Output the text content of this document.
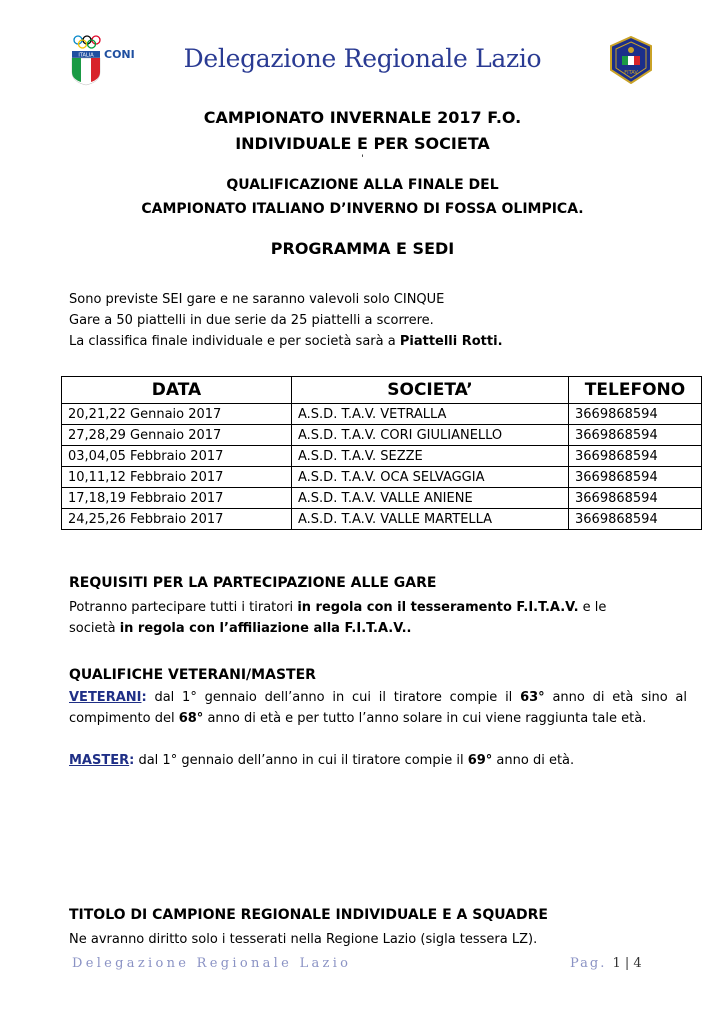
ITALIA CONI	Delegazione Regionale Lazio	FITAV
CAMPIONATO INVERNALE 2017 F.O.
INDIVIDUALE E PER SOCIETA
'
QUALIFICAZIONE ALLA FINALE DEL
CAMPIONATO ITALIANO D’INVERNO DI FOSSA OLIMPICA.
PROGRAMMA E SEDI
Sono previste SEI gare e ne saranno valevoli solo CINQUE
Gare a 50 piattelli in due serie da 25 piattelli a scorrere.
La classifica finale individuale e per società sarà a Piattelli Rotti.
DATA	SOCIETA’	TELEFONO
20,21,22 Gennaio 2017	A.S.D. T.A.V. VETRALLA	3669868594
27,28,29 Gennaio 2017	A.S.D. T.A.V. CORI GIULIANELLO	3669868594
03,04,05 Febbraio 2017	A.S.D. T.A.V. SEZZE	3669868594
10,11,12 Febbraio 2017	A.S.D. T.A.V. OCA SELVAGGIA	3669868594
17,18,19 Febbraio 2017	A.S.D. T.A.V. VALLE ANIENE	3669868594
24,25,26 Febbraio 2017	A.S.D. T.A.V. VALLE MARTELLA	3669868594
REQUISITI PER LA PARTECIPAZIONE ALLE GARE
Potranno partecipare tutti i tiratori in regola con il tesseramento F.I.T.A.V. e le
società in regola con l’affiliazione alla F.I.T.A.V..
QUALIFICHE VETERANI/MASTER
VETERANI: dal 1° gennaio dell’anno in cui il tiratore compie il 63° anno di età sino al compimento del 68° anno di età e per tutto l’anno solare in cui viene raggiunta tale età.
MASTER: dal 1° gennaio dell’anno in cui il tiratore compie il 69° anno di età.
TITOLO DI CAMPIONE REGIONALE INDIVIDUALE E A SQUADRE
Ne avranno diritto solo i tesserati nella Regione Lazio (sigla tessera LZ).
Delegazione Regionale Lazio	Pag. 1 | 4
